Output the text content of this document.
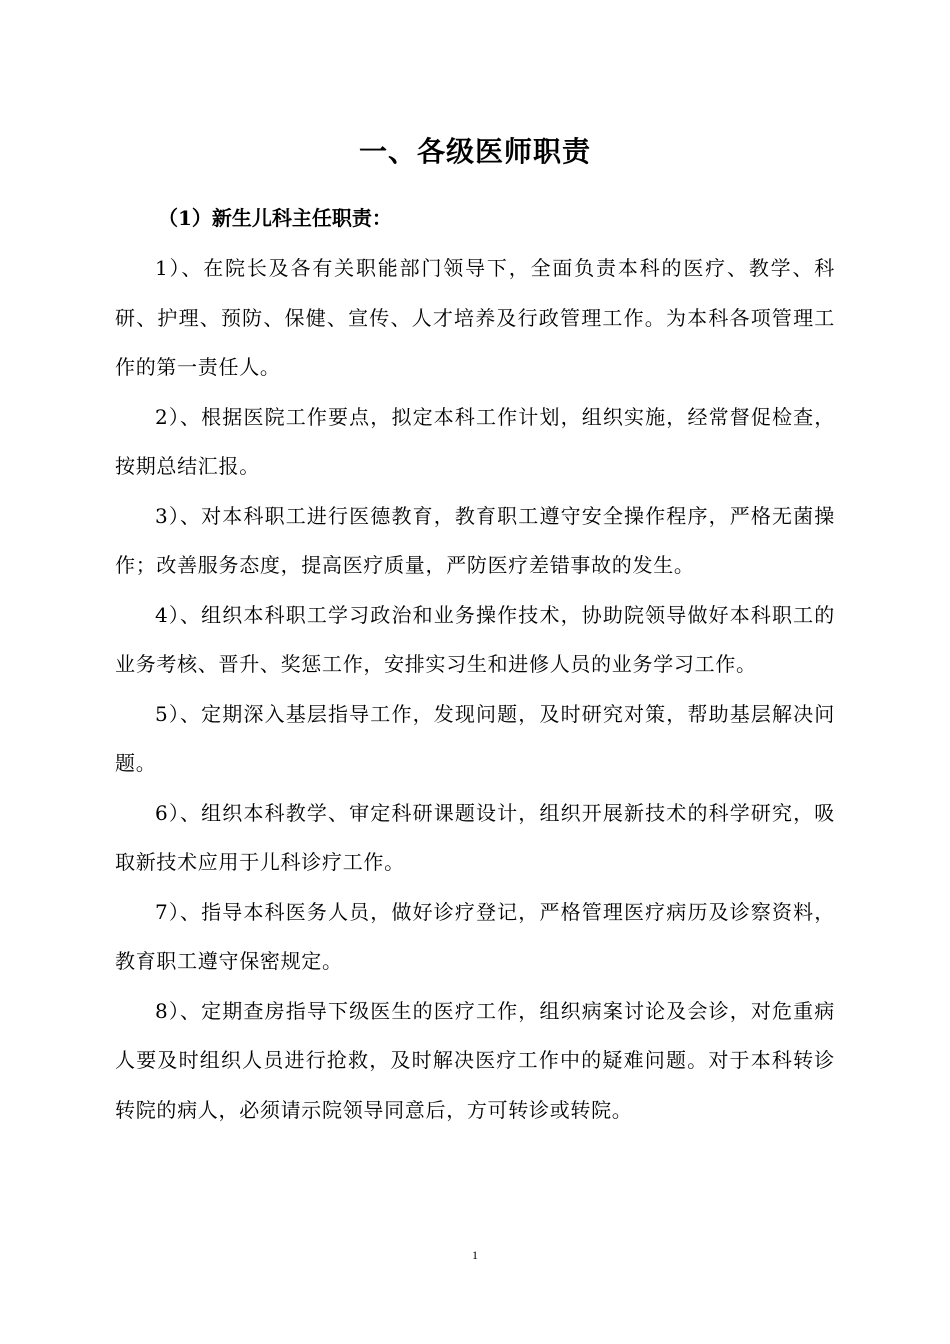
一、各级医师职责
（1）新生儿科主任职责：

1）、在院长及各有关职能部门领导下，全面负责本科的医疗、教学、科研、护理、预防、保健、宣传、人才培养及行政管理工作。为本科各项管理工作的第一责任人。

2）、根据医院工作要点，拟定本科工作计划，组织实施，经常督促检查，按期总结汇报。

3）、对本科职工进行医德教育，教育职工遵守安全操作程序，严格无菌操作；改善服务态度，提高医疗质量，严防医疗差错事故的发生。

4）、组织本科职工学习政治和业务操作技术，协助院领导做好本科职工的业务考核、晋升、奖惩工作，安排实习生和进修人员的业务学习工作。

5）、定期深入基层指导工作，发现问题，及时研究对策，帮助基层解决问题。

6）、组织本科教学、审定科研课题设计，组织开展新技术的科学研究，吸取新技术应用于儿科诊疗工作。

7）、指导本科医务人员，做好诊疗登记，严格管理医疗病历及诊察资料，教育职工遵守保密规定。

8）、定期查房指导下级医生的医疗工作，组织病案讨论及会诊，对危重病人要及时组织人员进行抢救，及时解决医疗工作中的疑难问题。对于本科转诊转院的病人，必须请示院领导同意后，方可转诊或转院。

1
